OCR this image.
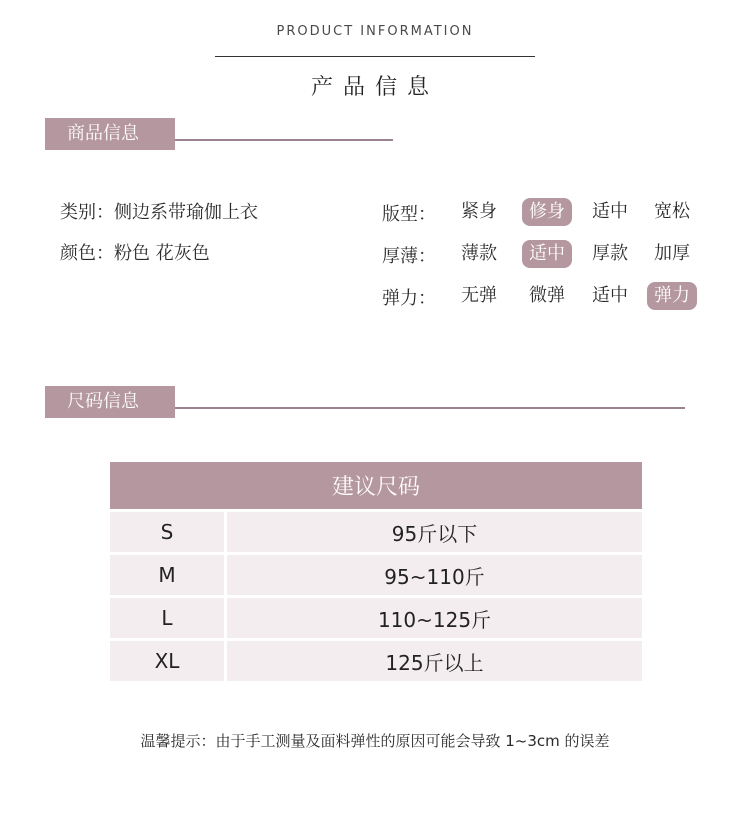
PRODUCT INFORMATION
产品信息
商品信息
类别：侧边系带瑜伽上衣
颜色：粉色 花灰色
版型：	紧身	修身	适中	宽松
厚薄：	薄款	适中	厚款	加厚
弹力：	无弹	微弹	适中	弹力
尺码信息
建议尺码	
S	95斤以下
M	95~110斤
L	110~125斤
XL	125斤以上
温馨提示：由于手工测量及面料弹性的原因可能会导致 1~3cm 的误差
